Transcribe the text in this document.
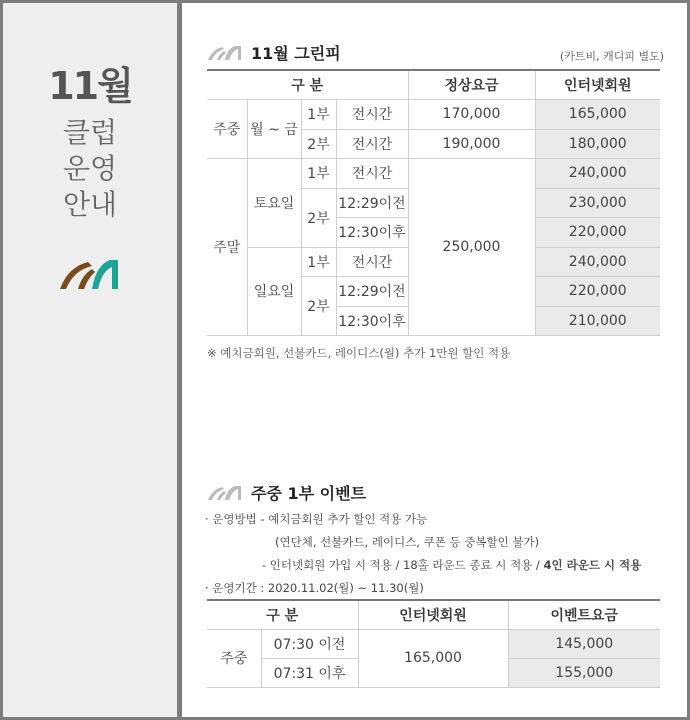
11월
클럽
운영
안내
11월 그린피	(카트비, 캐디피 별도)
구 분				정상요금	인터넷회원
주중	월 ~ 금	1부	전시간	170,000	165,000
		2부	전시간	190,000	180,000
주말	토요일	1부	전시간	250,000	240,000
		2부	12:29이전		230,000
			12:30이후		220,000
	일요일	1부	전시간		240,000
		2부	12:29이전		220,000
			12:30이후		210,000
※ 예치금회원, 선불카드, 레이디스(월) 추가 1만원 할인 적용
주중 1부 이벤트
· 운영방법 - 예치금회원 추가 할인 적용 가능
(연단체, 선불카드, 레이디스, 쿠폰 등 중복할인 불가)
- 인터넷회원 가입 시 적용 / 18홀 라운드 종료 시 적용 / 4인 라운드 시 적용
· 운영기간 : 2020.11.02(월) ~ 11.30(월)
구 분		인터넷회원	이벤트요금
주중	07:30 이전	165,000	145,000
	07:31 이후		155,000
